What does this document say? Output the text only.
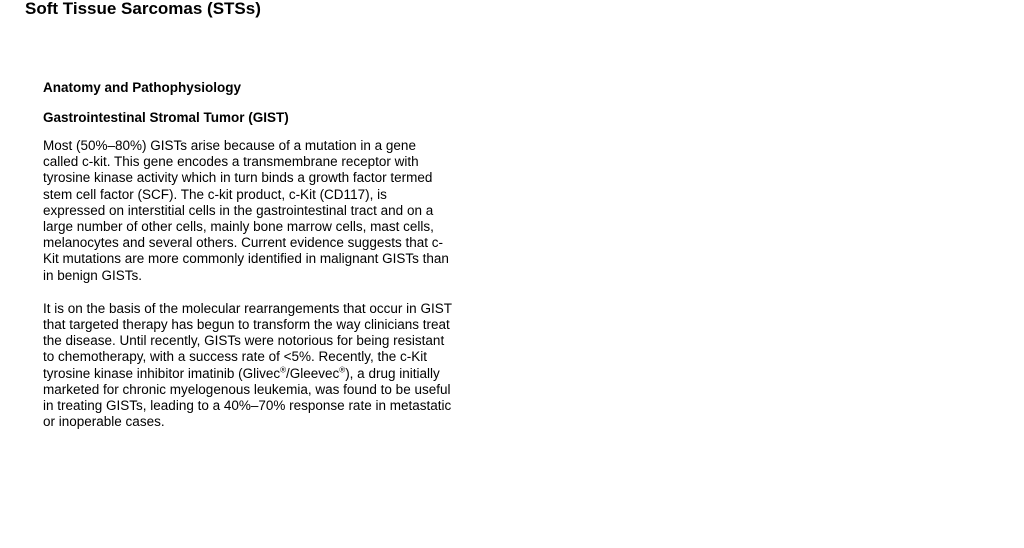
Soft Tissue Sarcomas (STSs)
Anatomy and Pathophysiology
Gastrointestinal Stromal Tumor (GIST)

Most (50%–80%) GISTs arise because of a mutation in a gene
called c-kit. This gene encodes a transmembrane receptor with
tyrosine kinase activity which in turn binds a growth factor termed
stem cell factor (SCF). The c-kit product, c-Kit (CD117), is
expressed on interstitial cells in the gastrointestinal tract and on a
large number of other cells, mainly bone marrow cells, mast cells,
melanocytes and several others. Current evidence suggests that c-
Kit mutations are more commonly identified in malignant GISTs than
in benign GISTs.

It is on the basis of the molecular rearrangements that occur in GIST
that targeted therapy has begun to transform the way clinicians treat
the disease. Until recently, GISTs were notorious for being resistant
to chemotherapy, with a success rate of <5%. Recently, the c-Kit
tyrosine kinase inhibitor imatinib (Glivec®/Gleevec®), a drug initially
marketed for chronic myelogenous leukemia, was found to be useful
in treating GISTs, leading to a 40%–70% response rate in metastatic
or inoperable cases.
